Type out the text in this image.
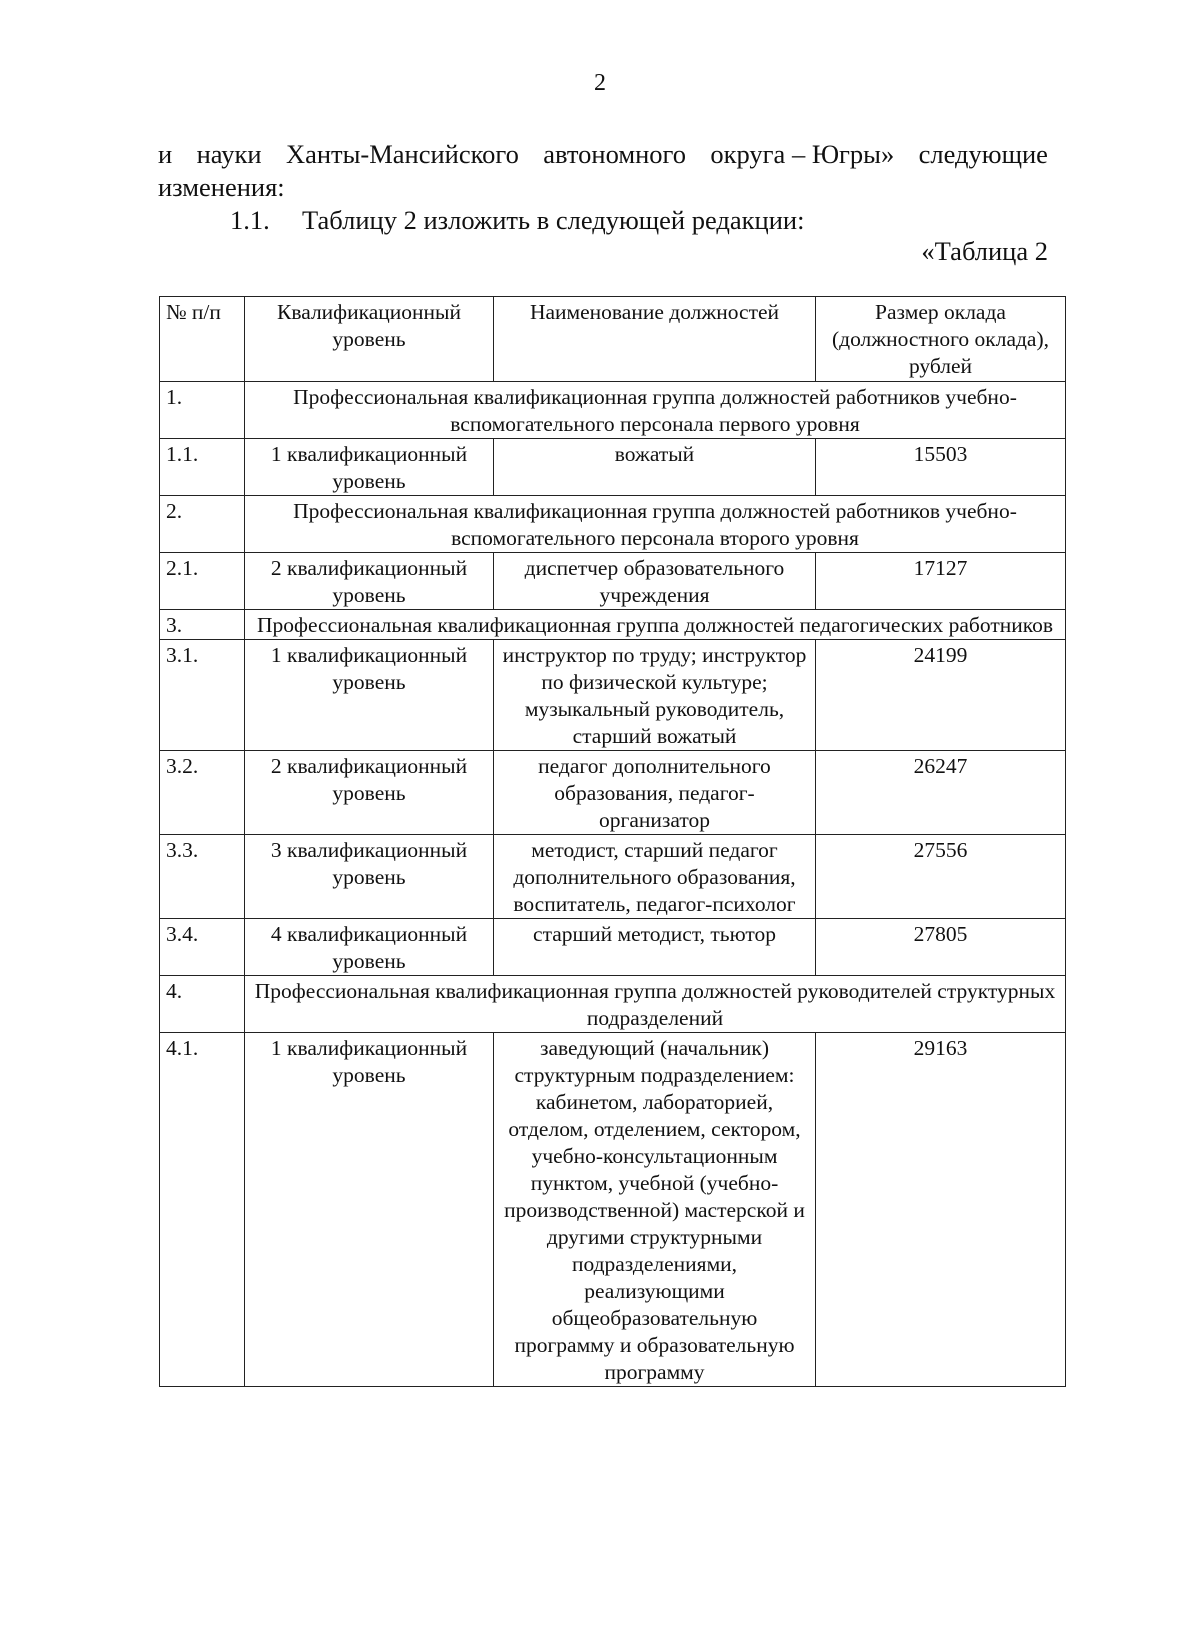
2
и науки Ханты-Мансийского автономного округа – Югры» следующие
изменения:
1.1. Таблицу 2 изложить в следующей редакции:
«Таблица 2
№ п/п	Квалификационный уровень	Наименование должностей	Размер оклада (должностного оклада), рублей
1.	Профессиональная квалификационная группа должностей работников учебно-вспомогательного персонала первого уровня		
1.1.	1 квалификационный уровень	вожатый	15503
2.	Профессиональная квалификационная группа должностей работников учебно-вспомогательного персонала второго уровня		
2.1.	2 квалификационный уровень	диспетчер образовательного учреждения	17127
3.	Профессиональная квалификационная группа должностей педагогических работников		
3.1.	1 квалификационный уровень	инструктор по труду; инструктор по физической культуре; музыкальный руководитель, старший вожатый	24199
3.2.	2 квалификационный уровень	педагог дополнительного образования, педагог-организатор	26247
3.3.	3 квалификационный уровень	методист, старший педагог дополнительного образования, воспитатель, педагог-психолог	27556
3.4.	4 квалификационный уровень	старший методист, тьютор	27805
4.	Профессиональная квалификационная группа должностей руководителей структурных подразделений		
4.1.	1 квалификационный уровень	заведующий (начальник) структурным подразделением: кабинетом, лабораторией, отделом, отделением, сектором, учебно-консультационным пунктом, учебной (учебно-производственной) мастерской и другими структурными подразделениями, реализующими общеобразовательную программу и образовательную программу	29163
